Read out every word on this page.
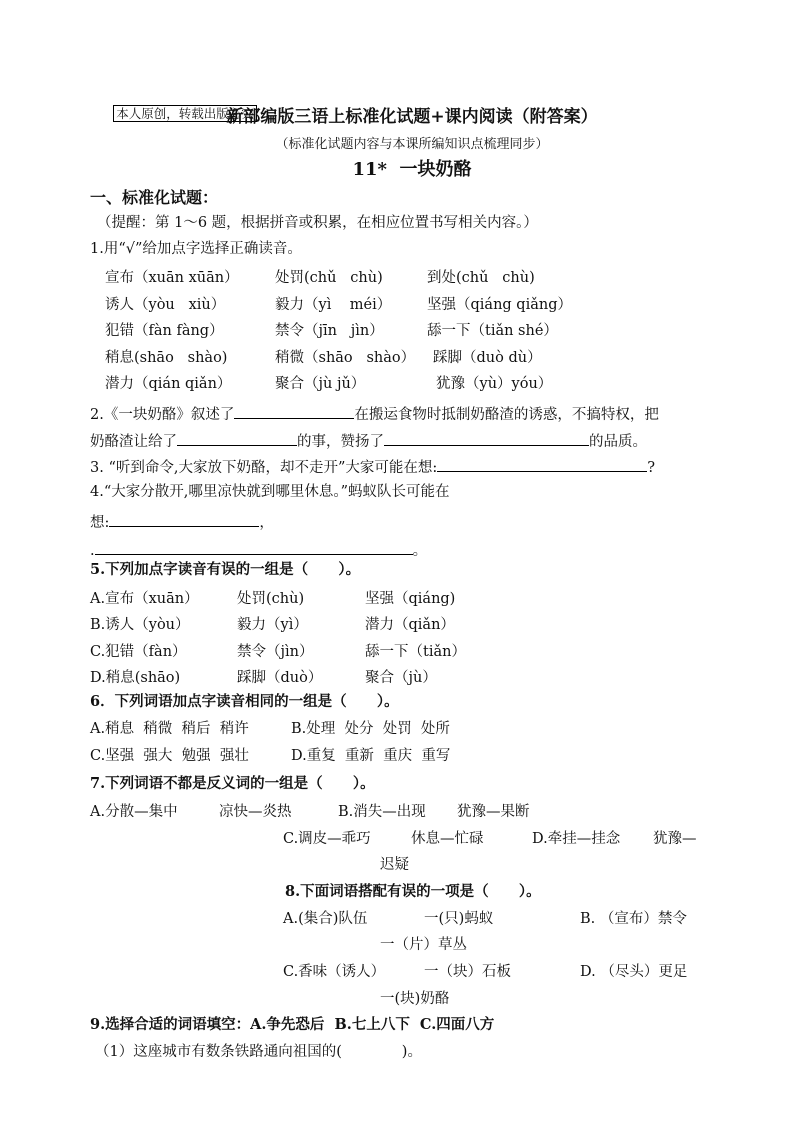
本人原创，转载出版必究

新部编版三语上标准化试题+课内阅读（附答案）
（标准化试题内容与本课所编知识点梳理同步）
11*  一块奶酪
一、标准化试题：
（提醒：第 1～6 题，根据拼音或积累，在相应位置书写相关内容。）
1.用“√”给加点字选择正确读音。
宣布（xuān xūān）	处罚(chǔ   chù)	到处(chǔ   chù)
诱人（yòu   xiù）	毅力（yì    méi） 坚强（qiáng qiǎng）
犯错（fàn fàng）	禁令（jīn   jìn）	舔一下（tiǎn shé）
稍息(shāo   shào)	稍微（shāo   shào） 踩脚（duò dù）
潜力（qián qiǎn）	聚合（jù jǔ）	犹豫（yù）yóu）
2.《一块奶酪》叙述了	在搬运食物时抵制奶酪渣的诱惑，不搞特权，把
奶酪渣让给了	的事，赞扬了	的品质。
3. “听到命令,大家放下奶酪，却不走开”大家可能在想:	?
4.“大家分散开,哪里凉快就到哪里休息。”蚂蚁队长可能在
想:	，
.	。
5.下列加点字读音有误的一组是（      ）。
A.宣布（xuān）	处罚(chù)	坚强（qiáng)
B.诱人（yòu）	毅力（yì）	潜力（qiǎn）
C.犯错（fàn）	禁令（jìn）	舔一下（tiǎn）
D.稍息(shāo)	踩脚（duò）	聚合（jù）
6．下列词语加点字读音相同的一组是（      ）。
A.稍息  稍微  稍后  稍许	B.处理  处分  处罚  处所
C.坚强  强大  勉强  强壮	D.重复  重新  重庆  重写
7.下列词语不都是反义词的一组是（      ）。
A.分散—集中	凉快—炎热	B.消失—出现 犹豫—果断
C.调皮—乖巧	休息—忙碌	D.牵挂—挂念 犹豫—
迟疑
8.下面词语搭配有误的一项是（      ）。
A.(集合)队伍	一(只)蚂蚁	B. （宣布）禁令
一（片）草丛
C.香味（诱人）	一（块）石板	D. （尽头）更足
一(块)奶酪
9.选择合适的词语填空：A.争先恐后  B.七上八下  C.四面八方
（1）这座城市有数条铁路通向祖国的(             )。
